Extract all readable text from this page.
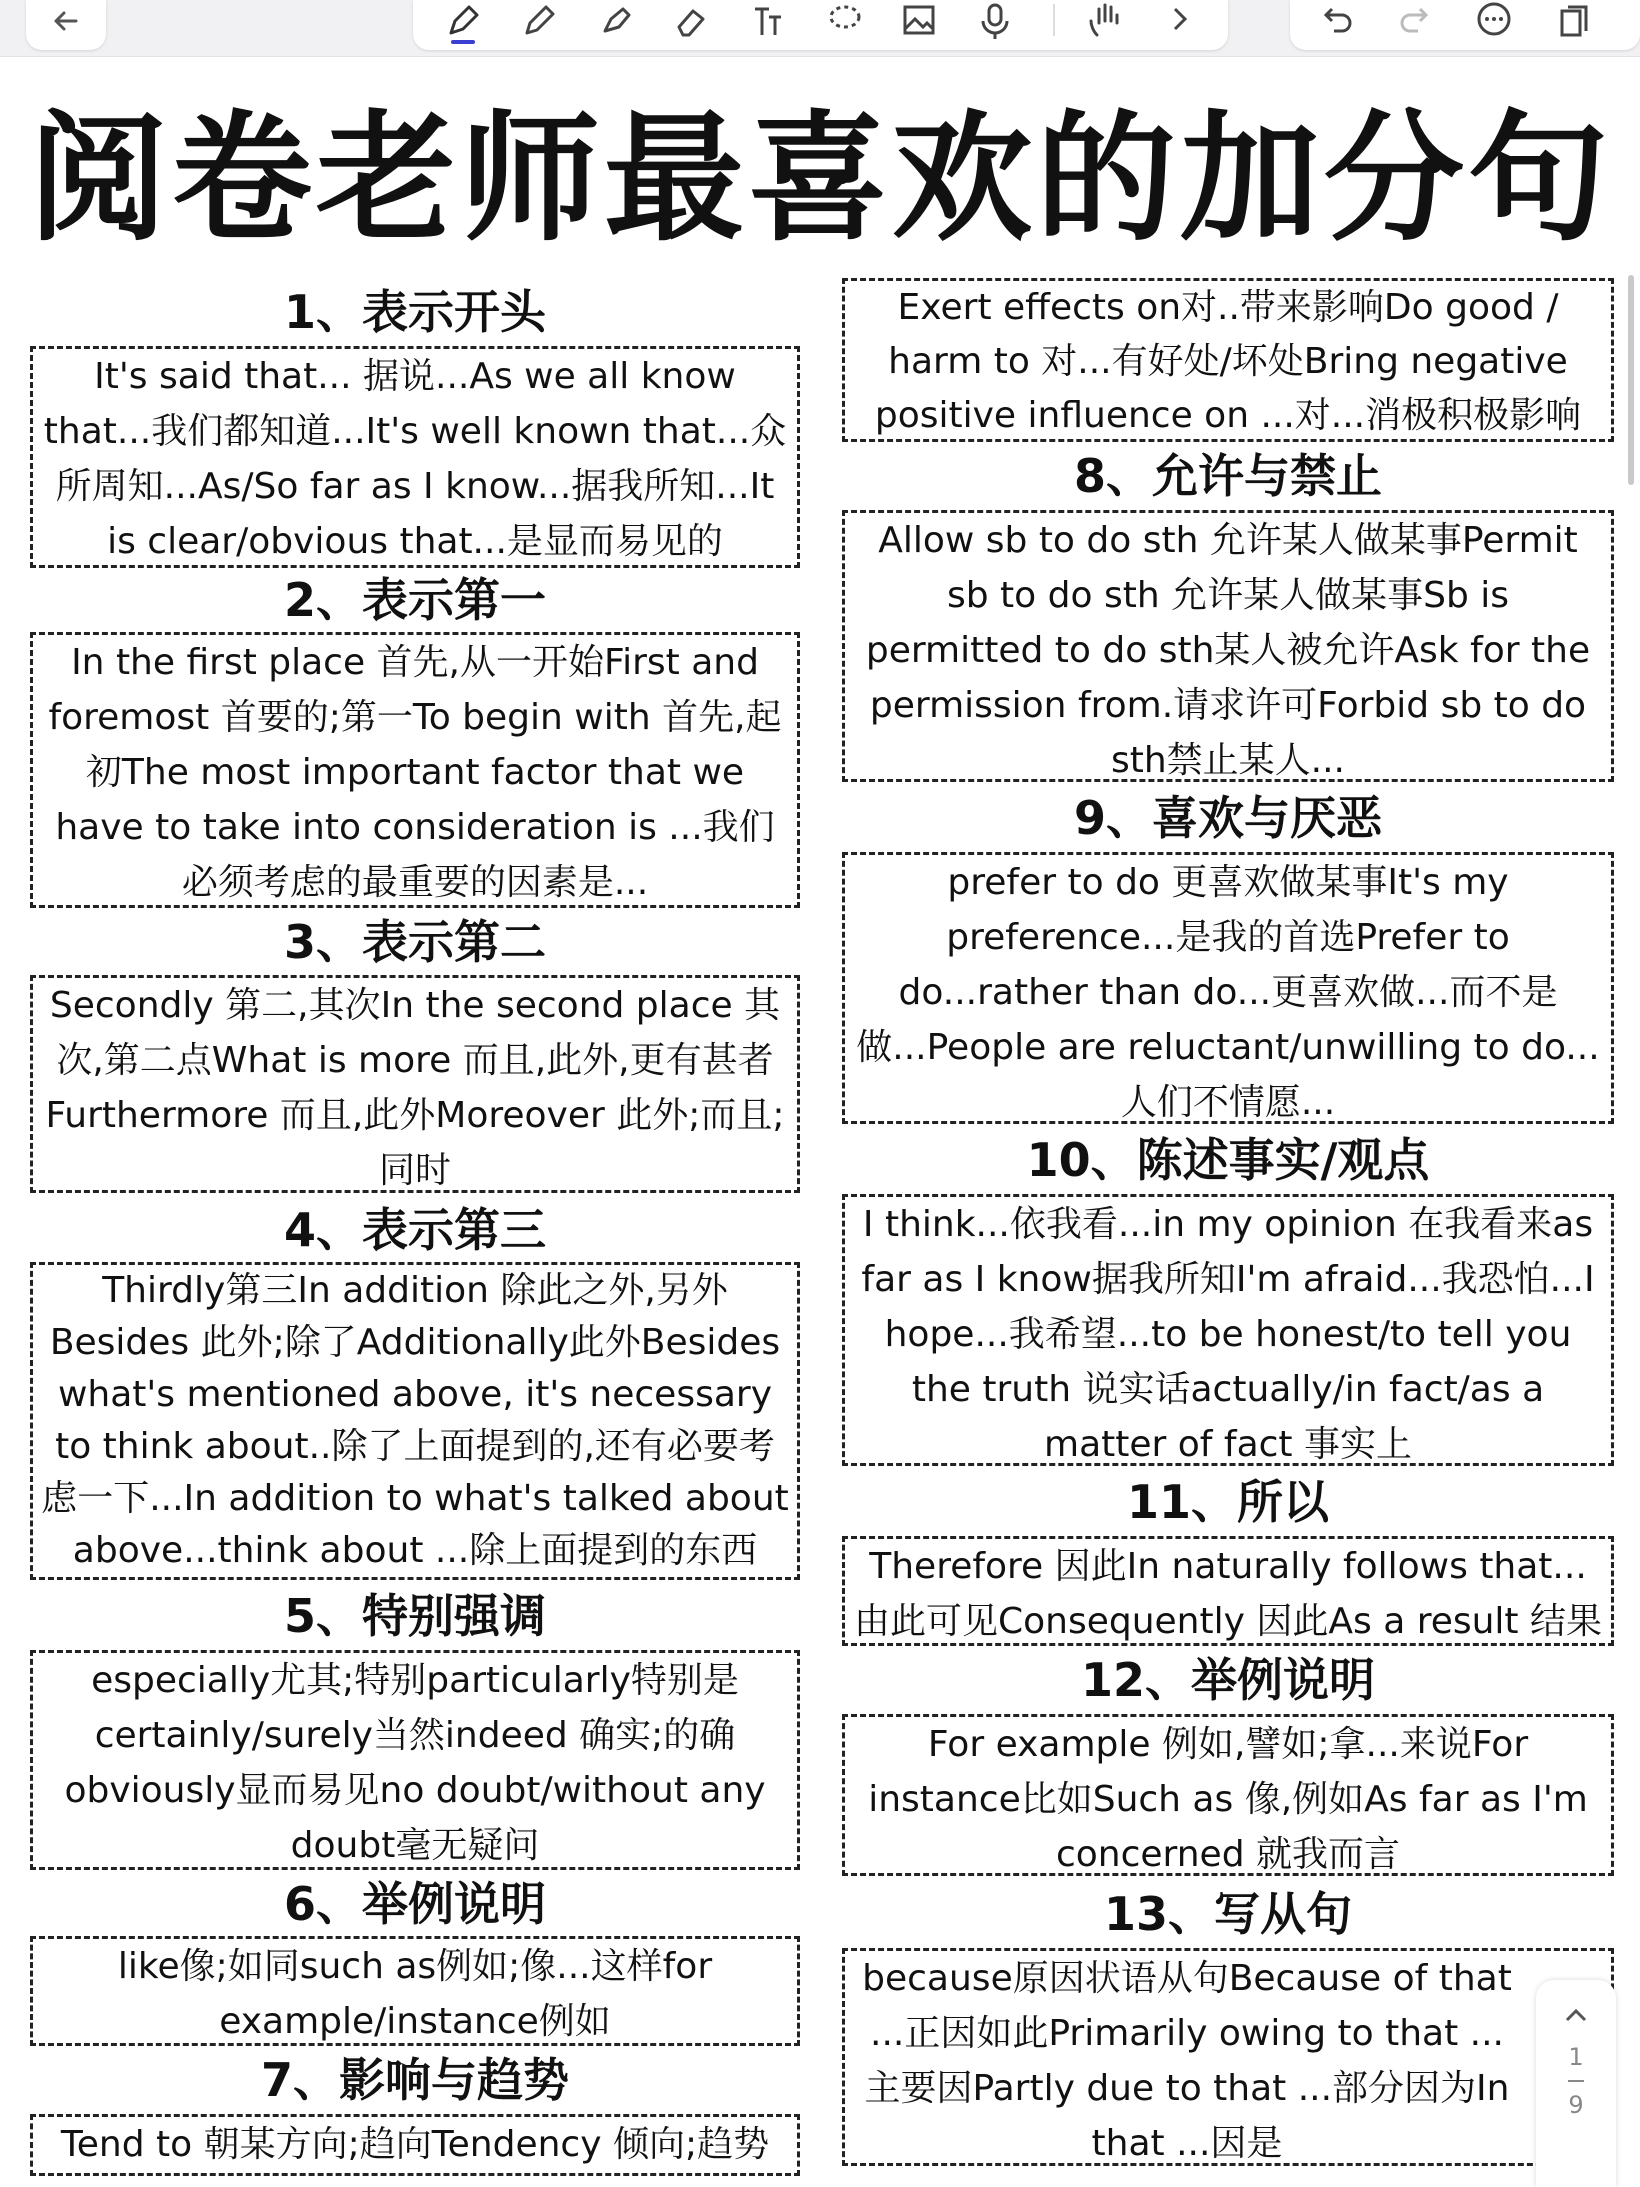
阅卷老师最喜欢的加分句
1、表示开头
It's said that... 据说...As we all know that...我们都知道...It's well known that...众所周知...As/So far as I know...据我所知...It is clear/obvious that...是显而易见的
2、表示第一
In the first place 首先,从一开始First and foremost 首要的;第一To begin with 首先,起初The most important factor that we have to take into consideration is ...我们必须考虑的最重要的因素是...
3、表示第二
Secondly 第二,其次In the second place 其次,第二点What is more 而且,此外,更有甚者Furthermore 而且,此外Moreover 此外;而且;同时
4、表示第三
Thirdly第三In addition 除此之外,另外Besides 此外;除了Additionally此外Besides what's mentioned above, it's necessary to think about..除了上面提到的,还有必要考虑一下...In addition to what's talked about above...think about ...除上面提到的东西
5、特别强调
especially尤其;特别particularly特别是certainly/surely当然indeed 确实;的确obviously显而易见no doubt/without any doubt毫无疑问
6、举例说明
like像;如同such as例如;像...这样for example/instance例如
7、影响与趋势
Tend to 朝某方向;趋向Tendency 倾向;趋势
Exert effects on对..带来影响Do good / harm to 对...有好处/坏处Bring negative positive influence on ...对...消极积极影响
8、允许与禁止
Allow sb to do sth 允许某人做某事Permit sb to do sth 允许某人做某事Sb is permitted to do sth某人被允许Ask for the permission from.请求许可Forbid sb to do sth禁止某人...
9、喜欢与厌恶
prefer to do 更喜欢做某事It's my preference...是我的首选Prefer to do...rather than do...更喜欢做...而不是做...People are reluctant/unwilling to do...人们不情愿...
10、陈述事实/观点
I think...依我看...in my opinion 在我看来as far as I know据我所知I'm afraid...我恐怕...I hope...我希望...to be honest/to tell you the truth 说实话actually/in fact/as a matter of fact 事实上
11、所以
Therefore 因此In naturally follows that...由此可见Consequently 因此As a result 结果
12、举例说明
For example 例如,譬如;拿...来说For instance比如Such as 像,例如As far as I'm concerned 就我而言
13、写从句
because原因状语从句Because of that ...正因如此Primarily owing to that ...主要因Partly due to that ...部分因为In that ...因是
1
9
